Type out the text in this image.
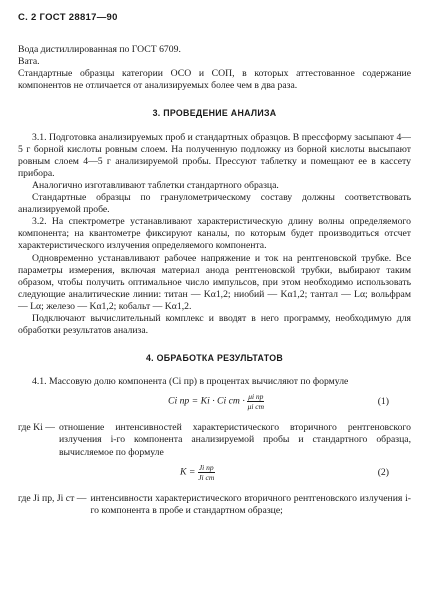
С. 2 ГОСТ 28817—90

Вода дистиллированная по ГОСТ 6709.

Вата.

Стандартные образцы категории ОСО и СОП, в которых аттестованное содержание компонентов не отличается от анализируемых более чем в два раза.

3. ПРОВЕДЕНИЕ АНАЛИЗА

3.1. Подготовка анализируемых проб и стандартных образцов. В прессформу засыпают 4—5 г борной кислоты ровным слоем. На полученную подложку из борной кислоты высыпают ровным слоем 4—5 г анализируемой пробы. Прессуют таблетку и помещают ее в кассету прибора.

Аналогично изготавливают таблетки стандартного образца.

Стандартные образцы по гранулометрическому составу должны соответствовать анализируемой пробе.

3.2. На спектрометре устанавливают характеристическую длину волны определяемого компонента; на квантометре фиксируют каналы, по которым будет производиться отсчет характеристического излучения определяемого компонента.

Одновременно устанавливают рабочее напряжение и ток на рентгеновской трубке. Все параметры измерения, включая материал анода рентгеновской трубки, выбирают таким образом, чтобы получить оптимальное число импульсов, при этом необходимо использовать следующие аналитические линии: титан — Kα1,2; ниобий — Kα1,2; тантал — Lα; вольфрам — Lα; железо — Kα1,2; кобальт — Kα1,2.

Подключают вычислительный комплекс и вводят в него программу, необходимую для обработки результатов анализа.

4. ОБРАБОТКА РЕЗУЛЬТАТОВ

4.1. Массовую долю компонента (Ci пр) в процентах вычисляют по формуле

Ci пр = Ki · Ci ст · $\frac{\text{μi пр}}{\text{μi ст}}$	(1)
где Ki — отношение интенсивностей характеристического вторичного рентгеновского излучения i-го компонента анализируемой пробы и стандартного образца, вычисляемое по формуле
$K = \frac{\text{Ji пр}}{\text{Ji ст}}$	(2)
где Ji пр, Ji ст — интенсивности характеристического вторичного рентгеновского излучения i-го компонента в пробе и стандартном образце;
